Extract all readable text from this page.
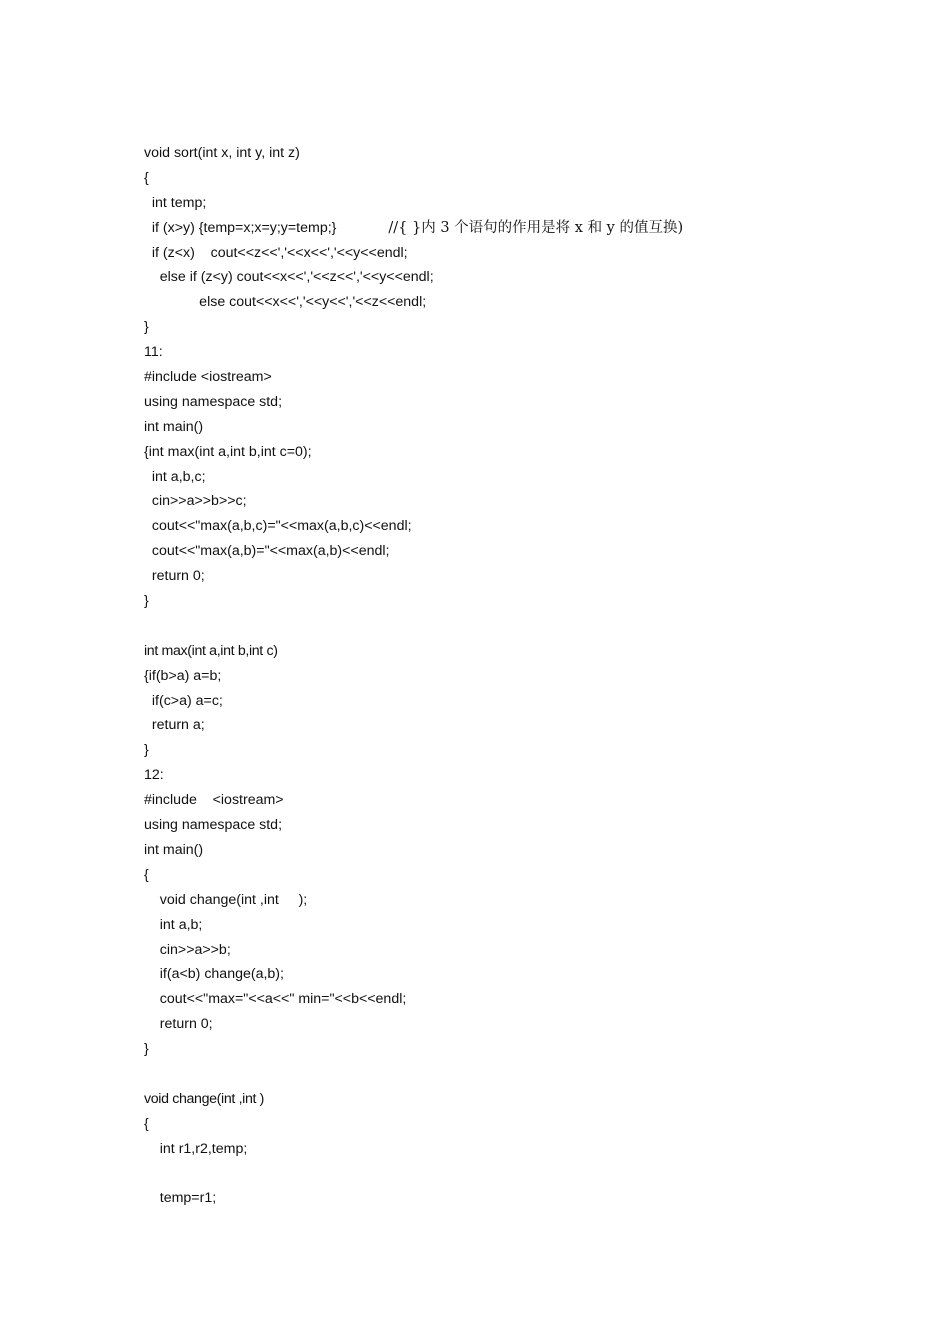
void sort(int x, int y, int z)
{
int temp;
if (x>y) {temp=x;x=y;y=temp;}	//{ }内 3 个语句的作用是将 x 和 y 的值互换)
if (z<x)    cout<<z<<','<<x<<','<<y<<endl;
else if (z<y) cout<<x<<','<<z<<','<<y<<endl;
else cout<<x<<','<<y<<','<<z<<endl;
}
11:
#include <iostream>
using namespace std;
int main()
{int max(int a,int b,int c=0);
int a,b,c;
cin>>a>>b>>c;
cout<<"max(a,b,c)="<<max(a,b,c)<<endl;
cout<<"max(a,b)="<<max(a,b)<<endl;
return 0;
}
int max(int a,int b,int c)
{if(b>a) a=b;
if(c>a) a=c;
return a;
}
12:
#include    <iostream>
using namespace std;
int main()
{
void change(int ,int     );
int a,b;
cin>>a>>b;
if(a<b) change(a,b);
cout<<"max="<<a<<" min="<<b<<endl;
return 0;
}
void change(int ,int )
{
int r1,r2,temp;
temp=r1;
